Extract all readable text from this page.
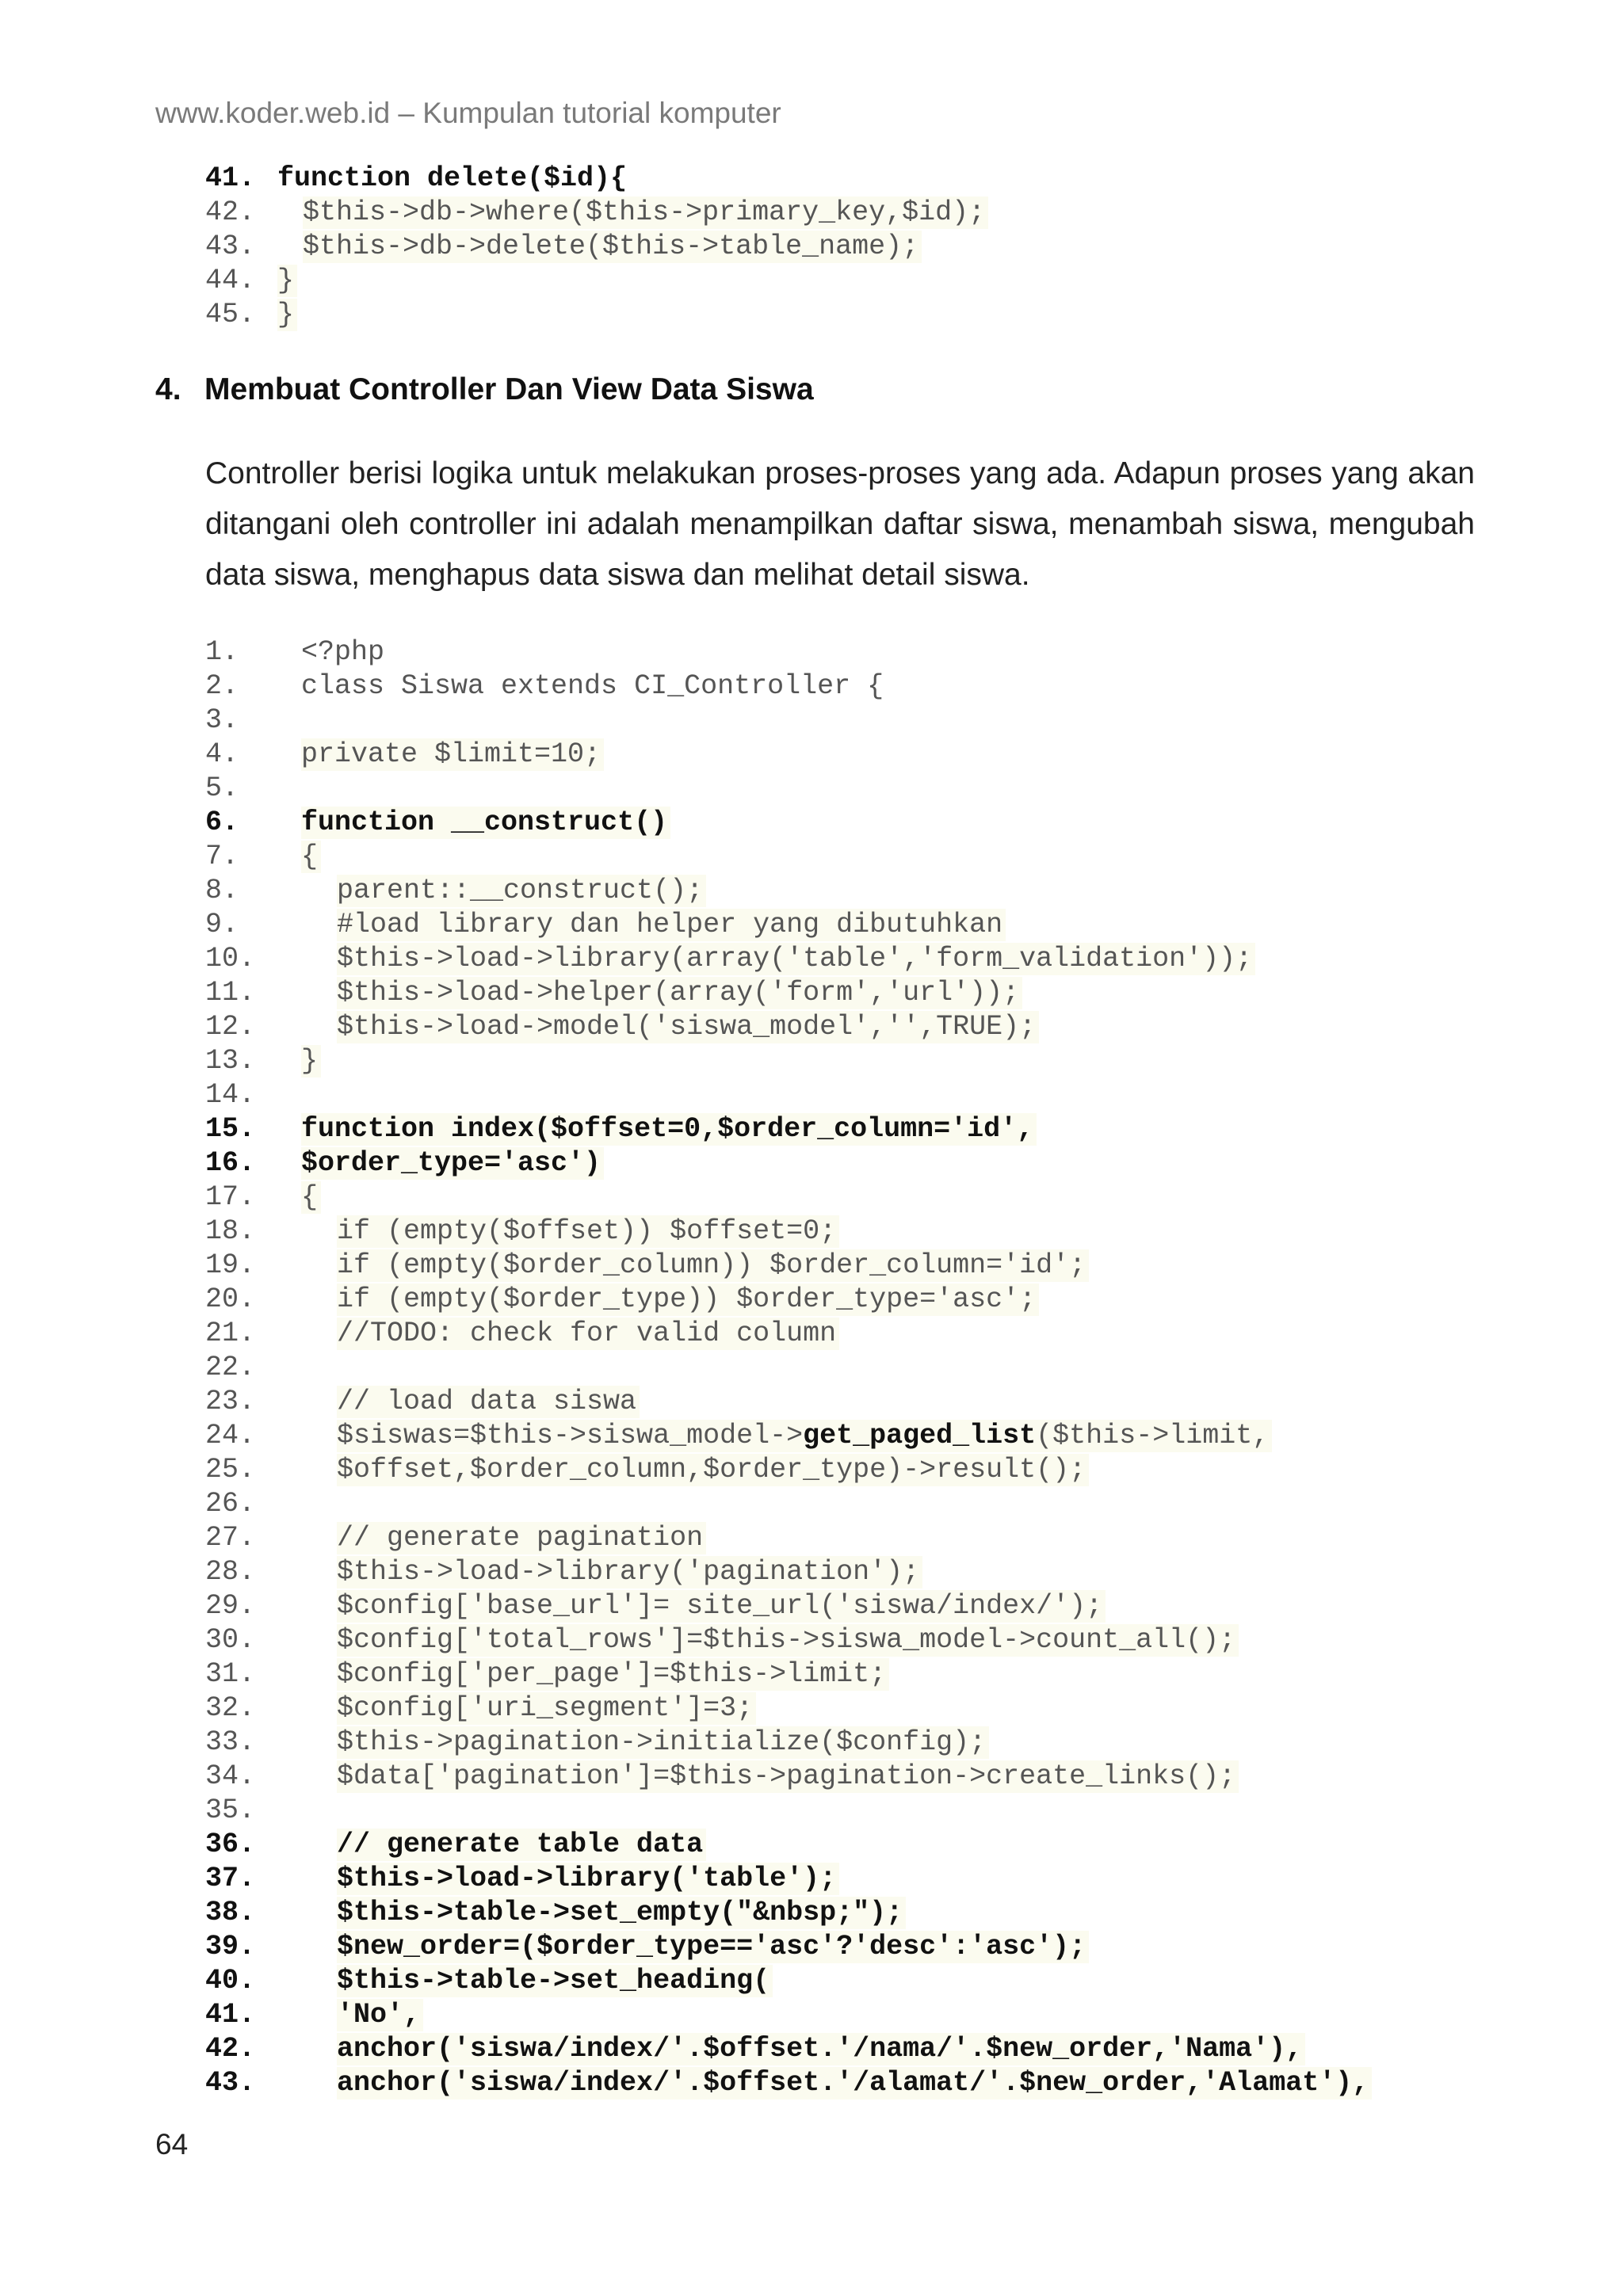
www.koder.web.id – Kumpulan tutorial komputer

41.

function delete($id){

42.

$this->db->where($this->primary_key,$id);

43.

$this->db->delete($this->table_name);

44.

}

45.

}

4. Membuat Controller Dan View Data Siswa

Controller berisi logika untuk melakukan proses-proses yang ada. Adapun proses yang akan ditangani oleh controller ini adalah menampilkan daftar siswa, menambah siswa, mengubah data siswa, menghapus data siswa dan melihat detail siswa.

1. <?php
2. class Siswa extends CI_Controller {
3.
4. private $limit=10;
5.
6. function __construct()
7. {
8.	parent::__construct();
9.	#load library dan helper yang dibutuhkan
10.	$this->load->library(array('table','form_validation'));
11.	$this->load->helper(array('form','url'));
12.	$this->load->model('siswa_model','',TRUE);
13. }
14.
15. function index($offset=0,$order_column='id',
16. $order_type='asc')
17. {
18.	if (empty($offset)) $offset=0;
19.	if (empty($order_column)) $order_column='id';
20.	if (empty($order_type)) $order_type='asc';
21.	//TODO: check for valid column
22.
23.	// load data siswa
24.	$siswas=$this->siswa_model->get_paged_list($this->limit,
25.	$offset,$order_column,$order_type)->result();
26.
27.	// generate pagination
28.	$this->load->library('pagination');
29.	$config['base_url']= site_url('siswa/index/');
30.	$config['total_rows']=$this->siswa_model->count_all();
31.	$config['per_page']=$this->limit;
32.	$config['uri_segment']=3;
33.	$this->pagination->initialize($config);
34.	$data['pagination']=$this->pagination->create_links();
35.
36.	// generate table data
37.	$this->load->library('table');
38.	$this->table->set_empty("&nbsp;");
39.	$new_order=($order_type=='asc'?'desc':'asc');
40.	$this->table->set_heading(
41.	'No',
42.	anchor('siswa/index/'.$offset.'/nama/'.$new_order,'Nama'),
43.	anchor('siswa/index/'.$offset.'/alamat/'.$new_order,'Alamat'),
64
